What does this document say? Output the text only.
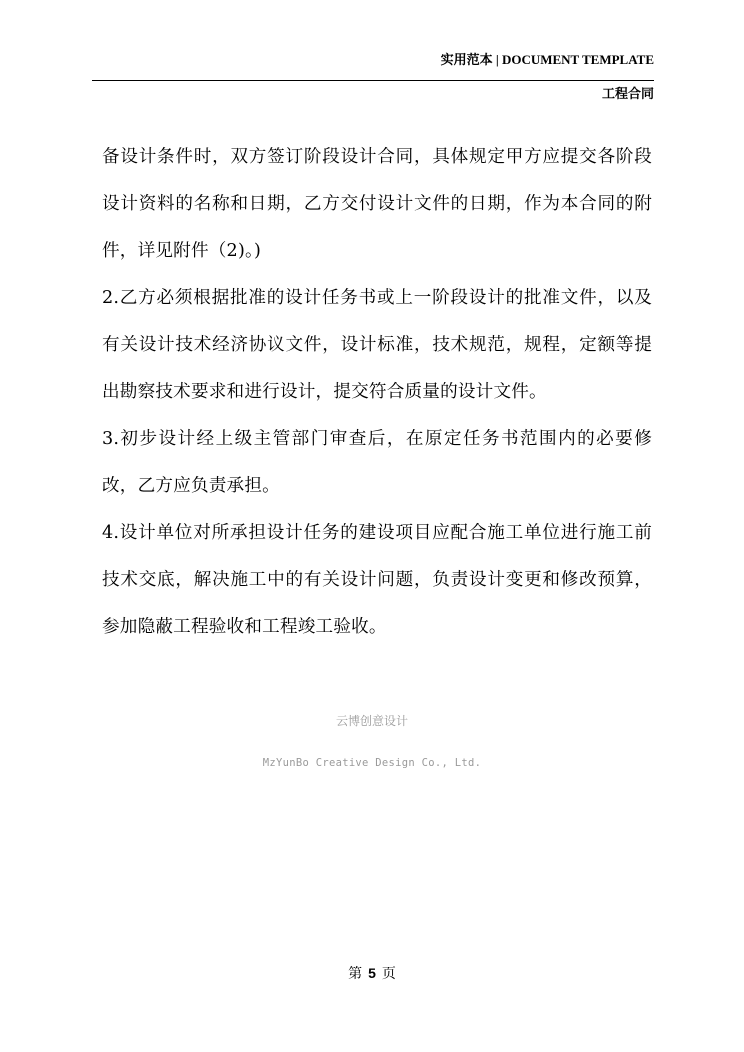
实用范本 | DOCUMENT TEMPLATE
工程合同

备设计条件时，双方签订阶段设计合同，具体规定甲方应提交各阶段设计资料的名称和日期，乙方交付设计文件的日期，作为本合同的附件，详见附件（2)。)

2.乙方必须根据批准的设计任务书或上一阶段设计的批准文件，以及有关设计技术经济协议文件，设计标准，技术规范，规程，定额等提出勘察技术要求和进行设计，提交符合质量的设计文件。

3.初步设计经上级主管部门审查后，在原定任务书范围内的必要修改，乙方应负责承担。

4.设计单位对所承担设计任务的建设项目应配合施工单位进行施工前技术交底，解决施工中的有关设计问题，负责设计变更和修改预算，参加隐蔽工程验收和工程竣工验收。

云博创意设计
MzYunBo Creative Design Co., Ltd.
第 5 页
